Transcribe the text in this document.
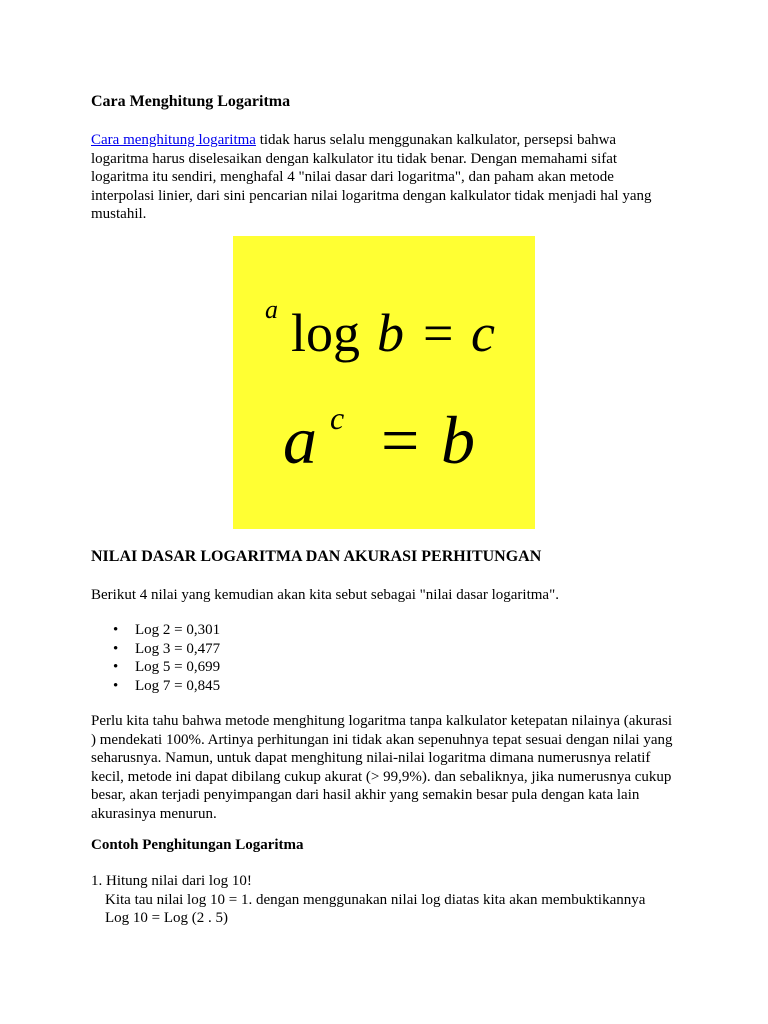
Cara Menghitung Logaritma

Cara menghitung logaritma tidak harus selalu menggunakan kalkulator, persepsi bahwa
logaritma harus diselesaikan dengan kalkulator itu tidak benar. Dengan memahami sifat
logaritma itu sendiri, menghafal 4 "nilai dasar dari logaritma", dan paham akan metode
interpolasi linier, dari sini pencarian nilai logaritma dengan kalkulator tidak menjadi hal yang
mustahil.

a log b = c
a c = b
NILAI DASAR LOGARITMA DAN AKURASI PERHITUNGAN

Berikut 4 nilai yang kemudian akan kita sebut sebagai "nilai dasar logaritma".

• Log 2 = 0,301
• Log 3 = 0,477
• Log 5 = 0,699
• Log 7 = 0,845

Perlu kita tahu bahwa metode menghitung logaritma tanpa kalkulator ketepatan nilainya (akurasi
) mendekati 100%. Artinya perhitungan ini tidak akan sepenuhnya tepat sesuai dengan nilai yang
seharusnya. Namun, untuk dapat menghitung nilai-nilai logaritma dimana numerusnya relatif
kecil, metode ini dapat dibilang cukup akurat (> 99,9%). dan sebaliknya, jika numerusnya cukup
besar, akan terjadi penyimpangan dari hasil akhir yang semakin besar pula dengan kata lain
akurasinya menurun.

Contoh Penghitungan Logaritma
1. Hitung nilai dari log 10!
Kita tau nilai log 10 = 1. dengan menggunakan nilai log diatas kita akan membuktikannya
Log 10 = Log (2 . 5)
